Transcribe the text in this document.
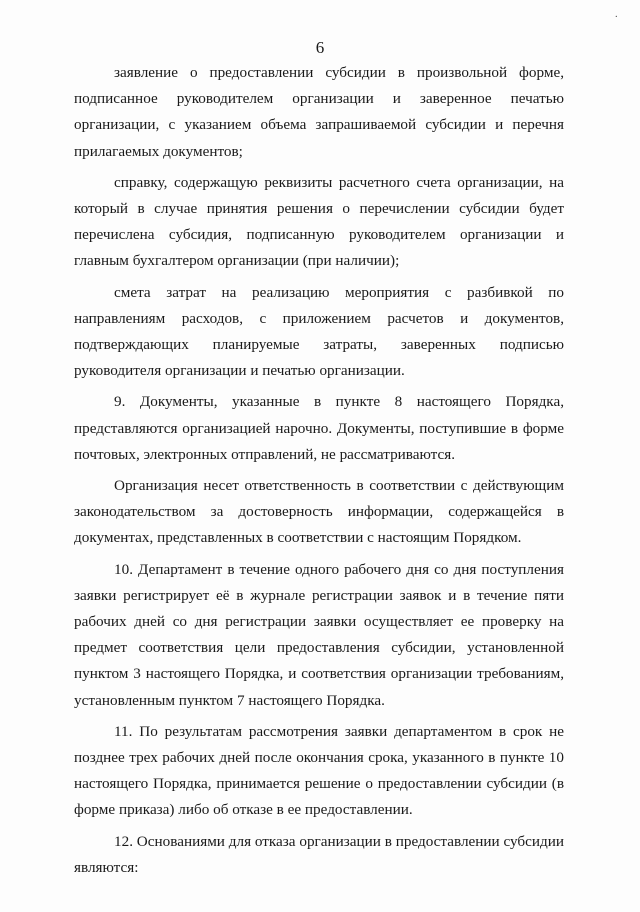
·
6

заявление о предоставлении субсидии в произвольной форме, подписанное руководителем организации и заверенное печатью организации, с указанием объема запрашиваемой субсидии и перечня прилагаемых документов;

справку, содержащую реквизиты расчетного счета организации, на который в случае принятия решения о перечислении субсидии будет перечислена субсидия, подписанную руководителем организации и главным бухгалтером организации (при наличии);

смета затрат на реализацию мероприятия с разбивкой по направлениям расходов, с приложением расчетов и документов, подтверждающих планируемые затраты, заверенных подписью руководителя организации и печатью организации.

9. Документы, указанные в пункте 8 настоящего Порядка, представляются организацией нарочно. Документы, поступившие в форме почтовых, электронных отправлений, не рассматриваются.

Организация несет ответственность в соответствии с действующим законодательством за достоверность информации, содержащейся в документах, представленных в соответствии с настоящим Порядком.

10. Департамент в течение одного рабочего дня со дня поступления заявки регистрирует её в журнале регистрации заявок и в течение пяти рабочих дней со дня регистрации заявки осуществляет ее проверку на предмет соответствия цели предоставления субсидии, установленной пунктом 3 настоящего Порядка, и соответствия организации требованиям, установленным пунктом 7 настоящего Порядка.

11. По результатам рассмотрения заявки департаментом в срок не позднее трех рабочих дней после окончания срока, указанного в пункте 10 настоящего Порядка, принимается решение о предоставлении субсидии (в форме приказа) либо об отказе в ее предоставлении.

12. Основаниями для отказа организации в предоставлении субсидии являются:
